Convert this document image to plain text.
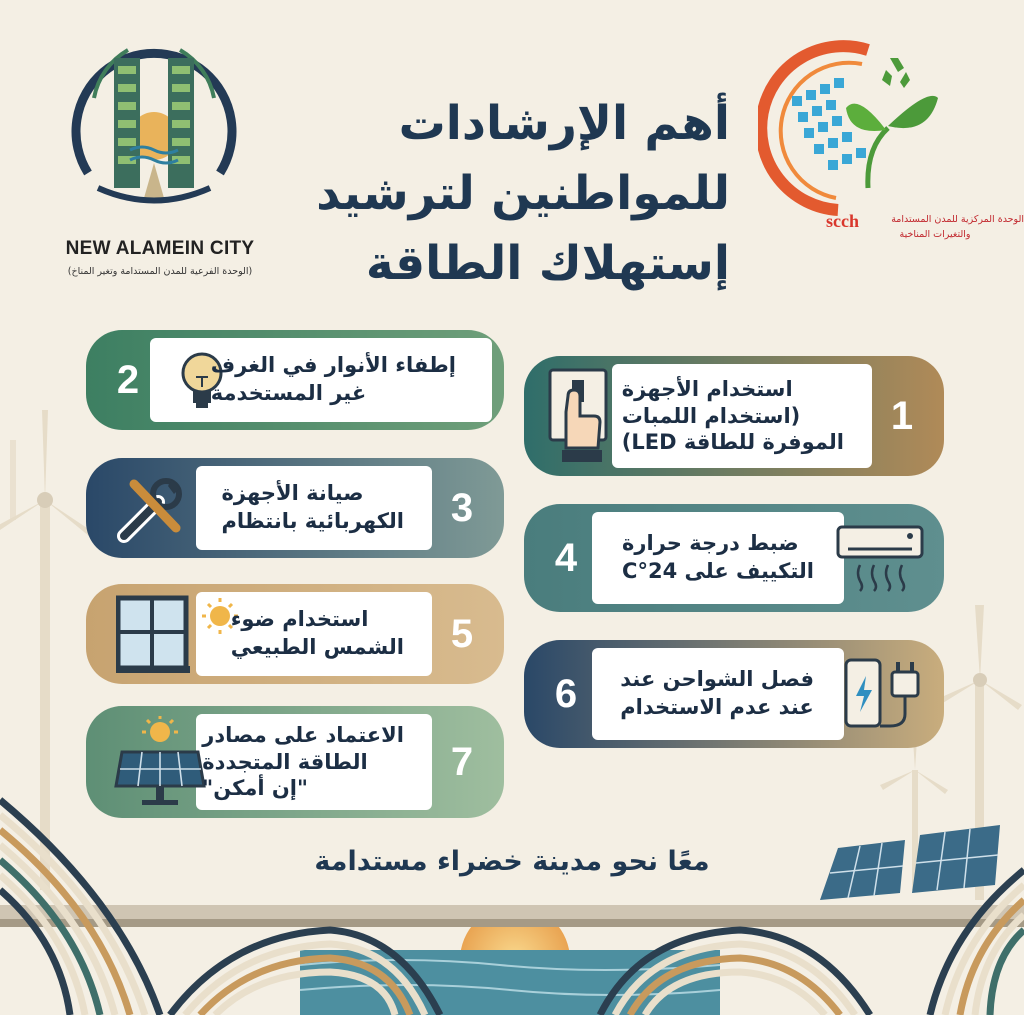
NEW ALAMEIN CITY
(الوحدة الفرعية للمدن المستدامة وتغير المناخ)
scch	الوحدة المركزية للمدن المستدامة
والتغيرات المناخية
أهم الإرشادات
للمواطنين لترشيد
إستهلاك الطاقة
2	إطفاء الأنوار في الغرف
غير المستخدمة
3
صيانة الأجهزة
الكهربائية بانتظام
5
استخدام ضوء
الشمس الطبيعي
7
الاعتماد على مصادر
الطاقة المتجددة
"إن أمكن"
1
استخدام الأجهزة
(استخدام اللمبات
الموفرة للطاقة LED)
4	ضبط درجة حرارة
التكييف على 24°C
6	فصل الشواحن عند
عند عدم الاستخدام
معًا نحو مدينة خضراء مستدامة
